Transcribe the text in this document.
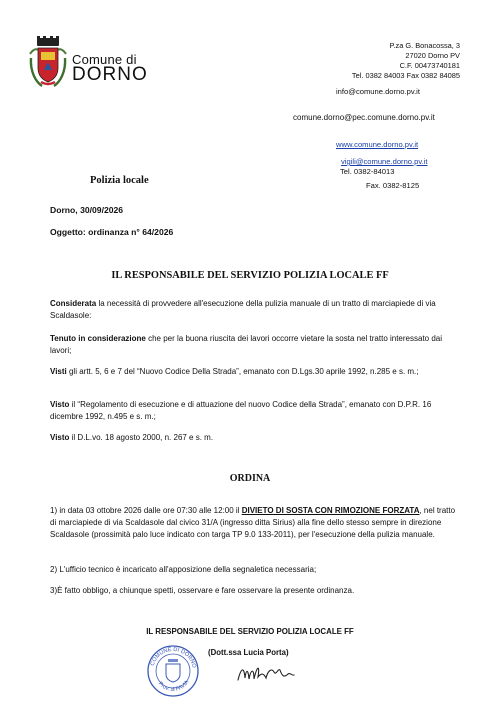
Comune di
DORNO
P.za G. Bonacossa, 3
27020 Dorno PV
C.F. 00473740181
Tel. 0382 84003 Fax 0382 84085
info@comune.dorno.pv.it
comune.dorno@pec.comune.dorno.pv.it
www.comune.dorno.pv.it
vigili@comune.dorno.pv.it
Tel. 0382-84013
Fax. 0382-8125
Polizia locale
Dorno, 30/09/2026
Oggetto: ordinanza n° 64/2026
IL RESPONSABILE DEL SERVIZIO POLIZIA LOCALE FF
Considerata la necessità di provvedere all'esecuzione della pulizia manuale di un tratto di marciapiede di via Scaldasole:
Tenuto in considerazione che per la buona riuscita dei lavori occorre vietare la sosta nel tratto interessato dai lavori;
Visti gli artt. 5, 6 e 7 del “Nuovo Codice Della Strada”, emanato con D.Lgs.30 aprile 1992, n.285 e s. m.;
Visto il “Regolamento di esecuzione e di attuazione del nuovo Codice della Strada”, emanato con D.P.R. 16 dicembre 1992, n.495 e s. m.;
Visto il D.L.vo. 18 agosto 2000, n. 267 e s. m.
ORDINA
1) in data 03 ottobre 2026 dalle ore 07:30 alle 12:00 il DIVIETO DI SOSTA CON RIMOZIONE FORZATA, nel tratto di marciapiede di via Scaldasole dal civico 31/A (ingresso ditta Sirius) alla fine dello stesso sempre in direzione Scaldasole (prossimità palo luce indicato con targa TP 9.0 133-2011), per l'esecuzione della pulizia manuale.
2) L'ufficio tecnico è incaricato all'apposizione della segnaletica necessaria;
3)È fatto obbligo, a chiunque spetti, osservare e fare osservare la presente ordinanza.
IL RESPONSABILE DEL SERVIZIO POLIZIA LOCALE FF
COMUNE DI DORNO
Prov. di PAVIA
(Dott.ssa Lucia Porta)
